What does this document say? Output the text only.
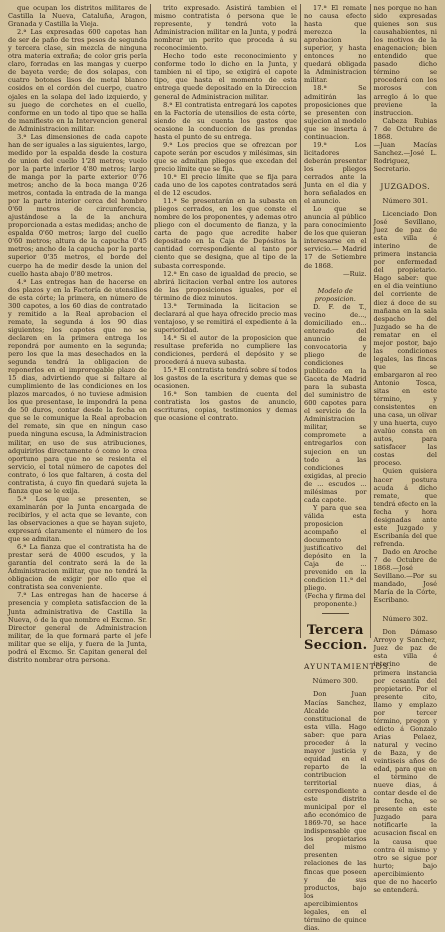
que ocupan los distritos militares de Castilla la Nueva, Cataluña, Aragon, Granada y Castilla la Vieja.

2.ª Las expresadas 600 capotas han de ser de paño de tres pesos de segunda y tercera clase, sin mezcla de ninguna otra materia extraña; de color gris perla claro, forradas en las mangas y cuerpo de bayeta verde; de dos solapas, con cuatro botones lisos de metal blanco cosidos en el cordón del cuerpo, cuatro ojales en la solapa del lado izquierdo, y su juego de corchetes en el cuello, conforme en un todo al tipo que se halla de manifiesto en la Intervencion general de Administracion militar.

3.ª Las dimensiones de cada capote han de ser iguales a las siguientes, largo, medido por la espalda desde la costura de union del cuello 1'28 metros; vuelo por la parte inferior 4'80 metros; largo de manga por la parte exterior 0'76 metros; ancho de la boca manga 0'26 metros, contada la entrada de la manga por la parte interior cerca del hombro 0'60 metros de circunferencia, ajustándose a la de la anchura proporcionada a estas medidas; ancho de espalda 0'60 metros; largo del cuello 0'60 metros; altura de la capucha 0'45 metros; ancho de la capucha por la parte superior 0'35 metros, el borde del cuerpo ha de medir desde la union del cuello hasta abajo 0'80 metros.

4.ª Las entregas han de hacerse en dos plazos y en la Factoría de utensilios de esta córte; la primera, en número de 300 capotes, a los 60 dias de contratado y remitido a la Real aprobacion el remate, la segunda á los 90 dias siguientes; los capotes que no se declaren en la primera entrega los repondrá por aumento en la segunda; pero los que la mas desechados en la segunda tendrá la obligacion de reponerlos en el improrogable plazo de 15 dias, advirtiendo que si faltare al cumplimiento de las condiciones en los plazos marcados, ó no tuviese admision los que presentase, le impondrá la pena de 50 duros, contar desde la fecha en que se le comunique la Real aprobacion del remate, sin que en ningun caso pueda ninguna escusa, la Administracion militar, en uso de sus atribuciones, adquirirlos directamente ó como lo crea oportuno para que no se resienta el servicio, el total número de capotes del contrato, ó los que faltaren, á costa del contratista, á cuyo fin quedará sujeta la fianza que se le exija.

5.ª Los que se presenten, se examinarán por la Junta encargada de recibirlos, y el acta que se levante, con las observaciones a que se hayan sujeto, expresará claramente el número de los que se admitan.

6.ª La fianza que el contratista ha de prestar será de 4000 escudos, y la garantía del contrato será la de la Administracion militar, que no tendrá la obligacion de exigir por ello que el contratista sea conveniente.

7.ª Las entregas han de hacerse á presencia y completa satisfaccion de la Junta administrativa de Castilla la Nueva, ó de la que nombre el Excmo. Sr. Director general de Administracion militar, de la que formará parte el jefe militar que se elija, y fuera de la Junta, podrá el Excmo. Sr. Capitan general del distrito nombrar otra persona.

trito expresado. Asistirá tambien el mismo contratista ó persona que le represente, y tendrá voto la Administracion militar en la Junta, y podrá nombrar un perito que proceda á su reconocimiento.

Hecho todo este reconocimiento y conforme todo lo dicho en la Junta, y tambien ni el tipo, se exigirá el capote tipo, que hasta el momento de esta entrega quede depositado en la Direccion general de Administracion militar.

8.ª El contratista entregará los capotes en la Factoría de utensilios de esta córte, siendo de su cuenta los gastos que ocasione la conduccion de las prendas hasta el punto de su entrega.

9.ª Los precios que se ofrezcan por capote serán por escudos y milésimas, sin que se admitan pliegos que excedan del precio límite que se fija.

10.ª El precio límite que se fija para cada uno de los capotes contratados será el de 12 escudos.

11.ª Se presentarán en la subasta en pliegos cerrados, en los que conste el nombre de los proponentes, y ademas otro pliego con el documento de fianza, y la carta de pago que acredite haber depositado en la Caja de Depósitos la cantidad correspondiente al tanto por ciento que se designa, que al tipo de la subasta corresponde.

12.ª En caso de igualdad de precio, se abrirá licitacion verbal entre los autores de las proposiciones iguales, por el término de diez minutos.

13.ª Terminada la licitacion se declarará al que haya ofrecido precio mas ventajoso, y se remitirá el expediente á la superioridad.

14.ª Si el autor de la proposicion que resultase preferida no cumpliere las condiciones, perderá el depósito y se procederá á nueva subasta.

15.ª El contratista tendrá sobre sí todos los gastos de la escritura y demas que se ocasionen.

16.ª Son tambien de cuenta del contratista los gastos de anuncio, escrituras, copias, testimonios y demas que ocasione el contrato.

17.ª El remate no causa efecto hasta que merezca la aprobacion superior, y hasta entonces no quedará obligada la Administracion militar.

18.ª Se admitirán las proposiciones que se presenten con sujecion al modelo que se inserta á continuacion.

19.ª Los licitadores deberán presentar los pliegos cerrados ante la Junta en el dia y hora señalados en el anuncio.

Lo que se anuncia al público para conocimiento de los que quieran interesarse en el servicio.— Madrid 17 de Setiembre de 1868.

—Ruiz.

Modelo de proposicion.

D. F. de T., vecino de..., domiciliado en... enterado del anuncio de convocatoria y pliego de condiciones publicado en la Gaceta de Madrid para la subasta del suministro de 600 capotes para el servicio de la Administracion militar, se compromete a entregarlos con sujecion en un todo a las condiciones exigidas, al precio de ... escudos ... milésimas por cada capote.

Y para que sea válida esta proposicion acompaño el documento justificativo del depósito en la Caja de ... prevenido en la condicion 11.ª del pliego.

(Fecha y firma del proponente.)

Tercera Seccion.
AYUNTAMIENTOS.
Número 300.

Don Juan Macías Sanchez, Alcalde constitucional de esta villa. Hago saber: que para proceder á la mayor justicia y equidad en el reparto de la contribucion territorial correspondiente a este distrito municipal por el año económico de 1869-70, se hace indispensable que los propietarios del mismo presenten relaciones de las fincas que poseen y de sus productos, bajo los apercibimientos legales, en el término de quince dias.

nes porque no han sido expresadas quienes son sus causahabientes, ni los motivos de la enagenacion; bien entendido que pasado dicho término se procederá con los morosos con arreglo á lo que previene la instruccion.

Cabeza Rubias 7 de Octubre de 1868.

—Juan Macías Sanchez.—José L. Rodriguez, Secretario.

JUZGADOS.
Número 301.

Licenciado Don José Sevillano, Juez de paz de esta villa é interino de primera instancia por enfermedad del propietario. Hago saber: que en el dia veintiuno del corriente de diez á doce de su mañana en la sala despacho del Juzgado se ha de rematar en el mejor postor, bajo las condiciones legales, las fincas que se embargaron al reo Antonio Tosca, sitas en este término, y consistentes en una casa, un olivar y una huerta, cuyo avalúo consta en autos, para satisfacer las costas del proceso.

Quien quisiera hacer postura acuda á dicho remate, que tendrá efecto en la fecha y hora designadas ante este Juzgado y Escribanía del que refrenda.

Dado en Aroche 7 de Octubre de 1868.—José Sevillano.—Por su mandado, José María de la Córte, Escribano.

Número 302.

Don Dámaso Arroyo y Sanchez, Juez de paz de esta villa é interino de primera instancia por cesantía del propietario. Por el presente cito, llamo y emplazo por tercer término, pregon y edicto á Gonzalo Arias Pelaez, natural y vecino de Baza, y de veintiseis años de edad, para que en el término de nueve dias, á contar desde el de la fecha, se presente en este Juzgado para notificarle la acusacion fiscal en la causa que contra él mismo y otro se sigue por hurto; bajo apercibimiento que de no hacerlo se entenderá.
